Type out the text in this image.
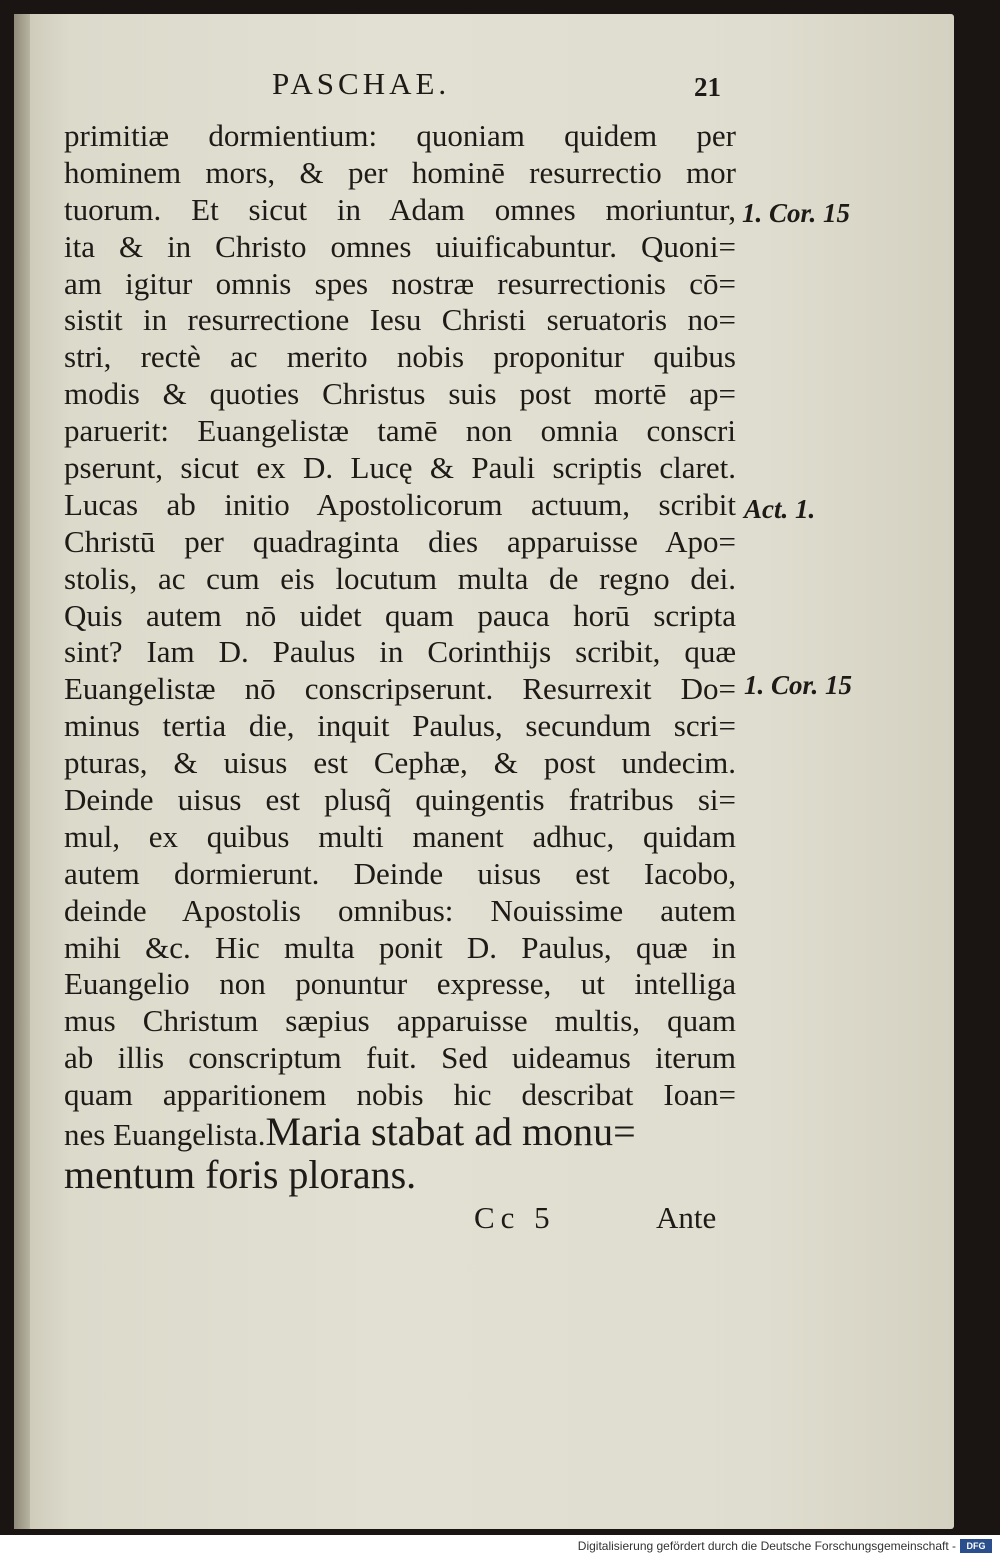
PASCHAE.	21
primitiæ dormientium: quoniam quidem per
hominem mors, & per hominē resurrectio mor
tuorum. Et sicut in Adam omnes moriuntur,
ita & in Christo omnes uiuificabuntur. Quoni=
am igitur omnis spes nostræ resurrectionis cō=
sistit in resurrectione Iesu Christi seruatoris no=
stri, rectè ac merito nobis proponitur quibus
modis & quoties Christus suis post mortē ap=
paruerit: Euangelistæ tamē non omnia conscri
pserunt, sicut ex D. Lucę & Pauli scriptis claret.
Lucas ab initio Apostolicorum actuum, scribit
Christū per quadraginta dies apparuisse Apo=
stolis, ac cum eis locutum multa de regno dei.
Quis autem nō uidet quam pauca horū scripta
sint? Iam D. Paulus in Corinthĳs scribit, quæ
Euangelistæ nō conscripserunt. Resurrexit Do=
minus tertia die, inquit Paulus, secundum scri=
pturas, & uisus est Cephæ, & post undecim.
Deinde uisus est plusq̃ quingentis fratribus si=
mul, ex quibus multi manent adhuc, quidam
autem dormierunt. Deinde uisus est Iacobo,
deinde Apostolis omnibus: Nouissime autem
mihi &c. Hic multa ponit D. Paulus, quæ in
Euangelio non ponuntur expresse, ut intelliga
mus Christum sæpius apparuisse multis, quam
ab illis conscriptum fuit. Sed uideamus iterum
quam apparitionem nobis hic describat Ioan=
nes Euangelista.Maria stabat ad monu=
mentum foris plorans.
1. Cor. 15
Act. 1.
1. Cor. 15
Cc 5	Ante
Digitalisierung gefördert durch die Deutsche Forschungsgemeinschaft -	DFG
